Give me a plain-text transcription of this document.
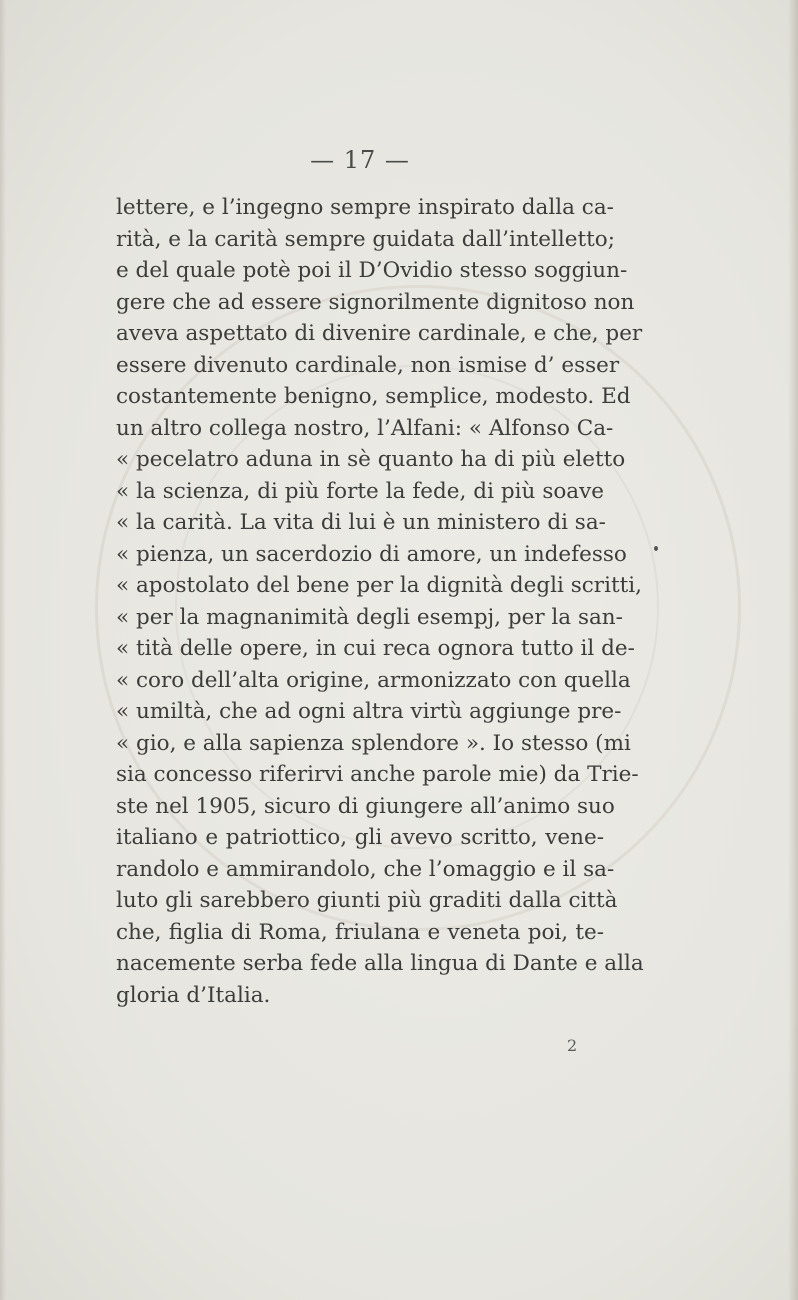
— 17 —
lettere, e l’ingegno sempre inspirato dalla ca-
rità, e la carità sempre guidata dall’intelletto;
e del quale potè poi il D’Ovidio stesso soggiun-
gere che ad essere signorilmente dignitoso non
aveva aspettato di divenire cardinale, e che, per
essere divenuto cardinale, non ismise d’ esser
costantemente benigno, semplice, modesto. Ed
un altro collega nostro, l’Alfani: « Alfonso Ca-
« pecelatro aduna in sè quanto ha di più eletto
« la scienza, di più forte la fede, di più soave
« la carità. La vita di lui è un ministero di sa-
« pienza, un sacerdozio di amore, un indefesso
« apostolato del bene per la dignità degli scritti,
« per la magnanimità degli esempj, per la san-
« tità delle opere, in cui reca ognora tutto il de-
« coro dell’alta origine, armonizzato con quella
« umiltà, che ad ogni altra virtù aggiunge pre-
« gio, e alla sapienza splendore ». Io stesso (mi
sia concesso riferirvi anche parole mie) da Trie-
ste nel 1905, sicuro di giungere all’animo suo
italiano e patriottico, gli avevo scritto, vene-
randolo e ammirandolo, che l’omaggio e il sa-
luto gli sarebbero giunti più graditi dalla città
che, figlia di Roma, friulana e veneta poi, te-
nacemente serba fede alla lingua di Dante e alla
gloria d’Italia.
2
